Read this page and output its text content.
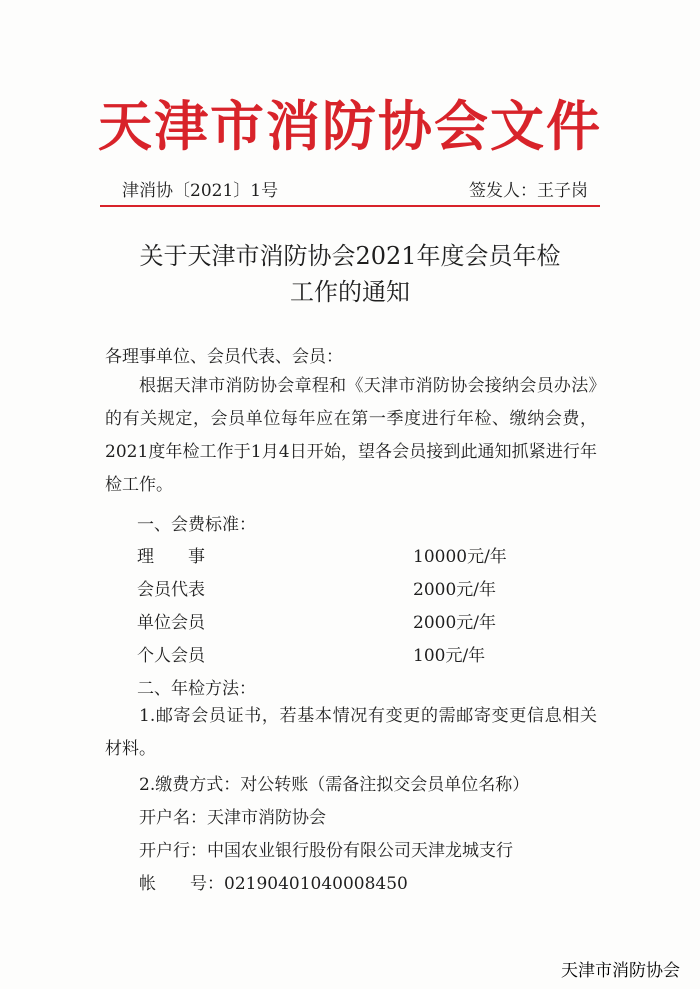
天津市消防协会文件
津消协〔2021〕1号	签发人：王子岗
关于天津市消防协会2021年度会员年检
工作的通知
各理事单位、会员代表、会员：
根据天津市消防协会章程和《天津市消防协会接纳会员办法》的有关规定，会员单位每年应在第一季度进行年检、缴纳会费，2021度年检工作于1月4日开始，望各会员接到此通知抓紧进行年检工作。
一、会费标准：
理　　事	10000元/年
会员代表	2000元/年
单位会员	2000元/年
个人会员	100元/年
二、年检方法：
1.邮寄会员证书，若基本情况有变更的需邮寄变更信息相关材料。
2.缴费方式：对公转账（需备注拟交会员单位名称）
开户名：天津市消防协会
开户行：中国农业银行股份有限公司天津龙城支行
帐　　号：02190401040008450
天津市消防协会
